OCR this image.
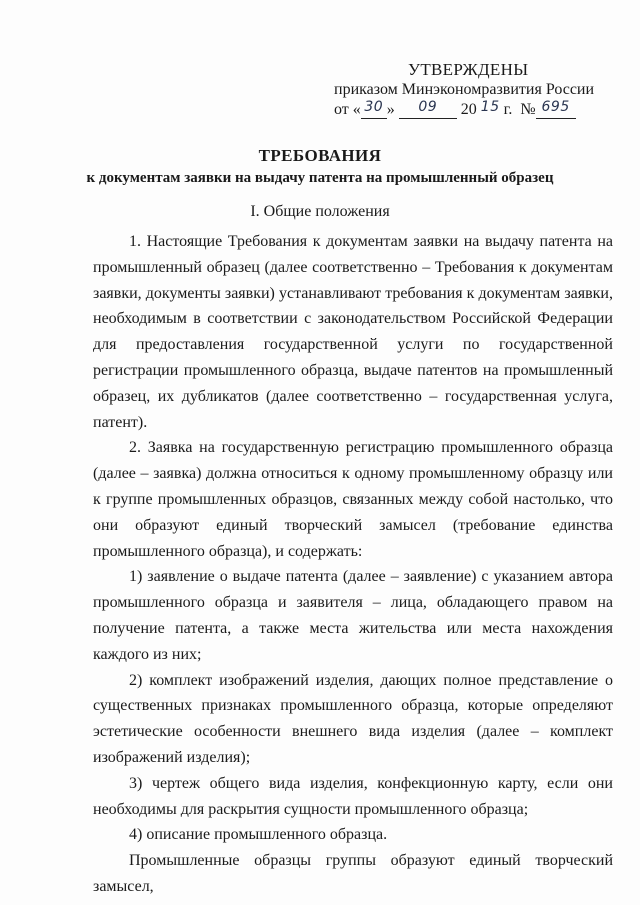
УТВЕРЖДЕНЫ
приказом Минэкономразвития России
от « 30 » 09 20 15 г. № 695
ТРЕБОВАНИЯ
к документам заявки на выдачу патента на промышленный образец
I. Общие положения

1. Настоящие Требования к документам заявки на выдачу патента на промышленный образец (далее соответственно – Требования к документам заявки, документы заявки) устанавливают требования к документам заявки, необходимым в соответствии с законодательством Российской Федерации для предоставления государственной услуги по государственной регистрации промышленного образца, выдаче патентов на промышленный образец, их дубликатов (далее соответственно – государственная услуга, патент).

2. Заявка на государственную регистрацию промышленного образца (далее – заявка) должна относиться к одному промышленному образцу или к группе промышленных образцов, связанных между собой настолько, что они образуют единый творческий замысел (требование единства промышленного образца), и содержать:

1) заявление о выдаче патента (далее – заявление) с указанием автора промышленного образца и заявителя – лица, обладающего правом на получение патента, а также места жительства или места нахождения каждого из них;

2) комплект изображений изделия, дающих полное представление о существенных признаках промышленного образца, которые определяют эстетические особенности внешнего вида изделия (далее – комплект изображений изделия);

3) чертеж общего вида изделия, конфекционную карту, если они необходимы для раскрытия сущности промышленного образца;

4) описание промышленного образца.

Промышленные образцы группы образуют единый творческий замысел,
